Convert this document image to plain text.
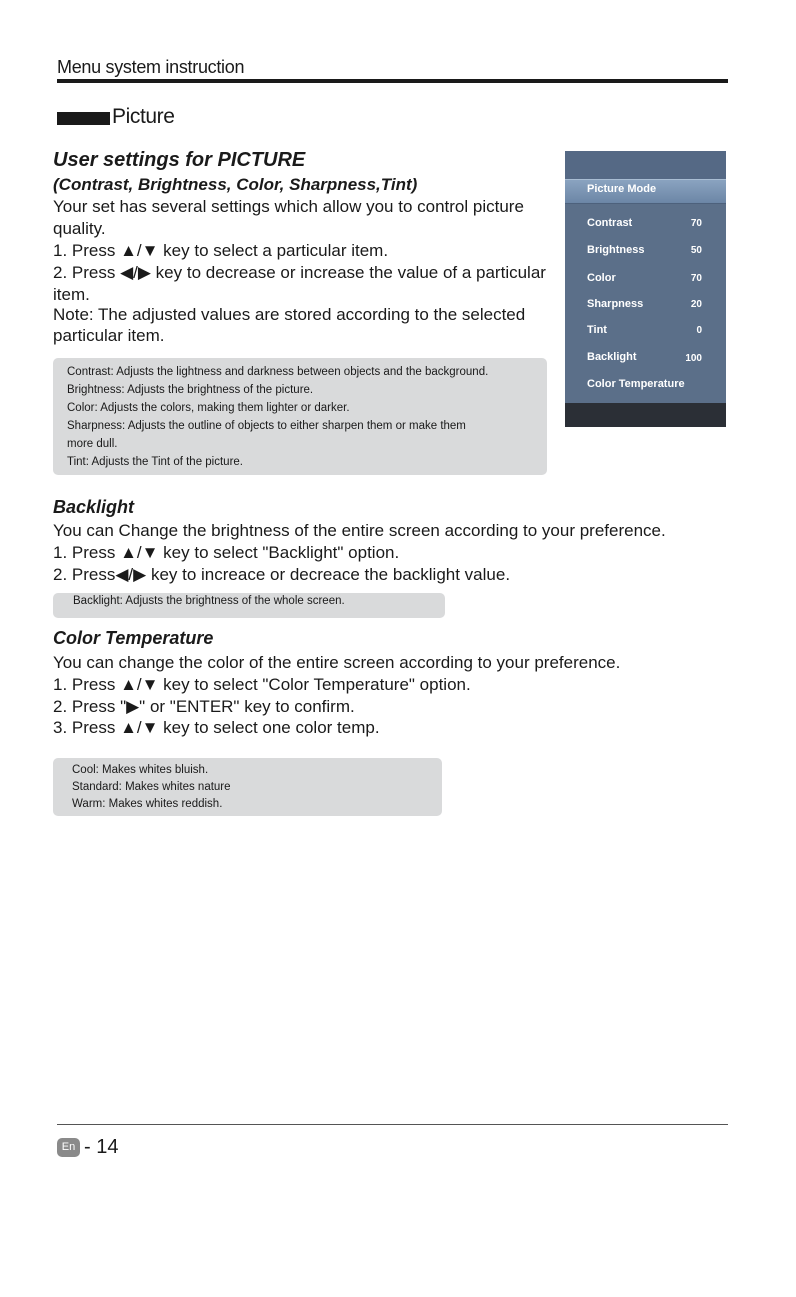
Menu system instruction
Picture
User settings for PICTURE
(Contrast, Brightness, Color, Sharpness,Tint)
Your set has several settings which allow you to control picture
quality.
1. Press ▲/▼ key to select a particular item.
2. Press ◀/▶ key to decrease or increase the value of a particular
item.
Note: The adjusted values are stored according to the selected
particular item.
Contrast: Adjusts the lightness and darkness between objects and the background.
Brightness: Adjusts the brightness of the picture.
Color: Adjusts the colors, making them lighter or darker.
Sharpness: Adjusts the outline of objects to either sharpen them or make them
more dull.
Tint: Adjusts the Tint of the picture.
Picture Mode
Contrast	70
Brightness	50
Color	70
Sharpness	20
Tint	0
Backlight	100
Color Temperature
Backlight
You can Change the brightness of the entire screen according to your preference.
1. Press ▲/▼ key to select "Backlight" option.
2. Press◀/▶ key to increace or decreace the backlight value.
Backlight: Adjusts the brightness of the whole screen.
Color Temperature
You can change the color of the entire screen according to your preference.
1. Press ▲/▼ key to select "Color Temperature" option.
2. Press "▶" or "ENTER" key to confirm.
3. Press ▲/▼ key to select one color temp.
Cool: Makes whites bluish.
Standard: Makes whites nature
Warm: Makes whites reddish.
En - 14
